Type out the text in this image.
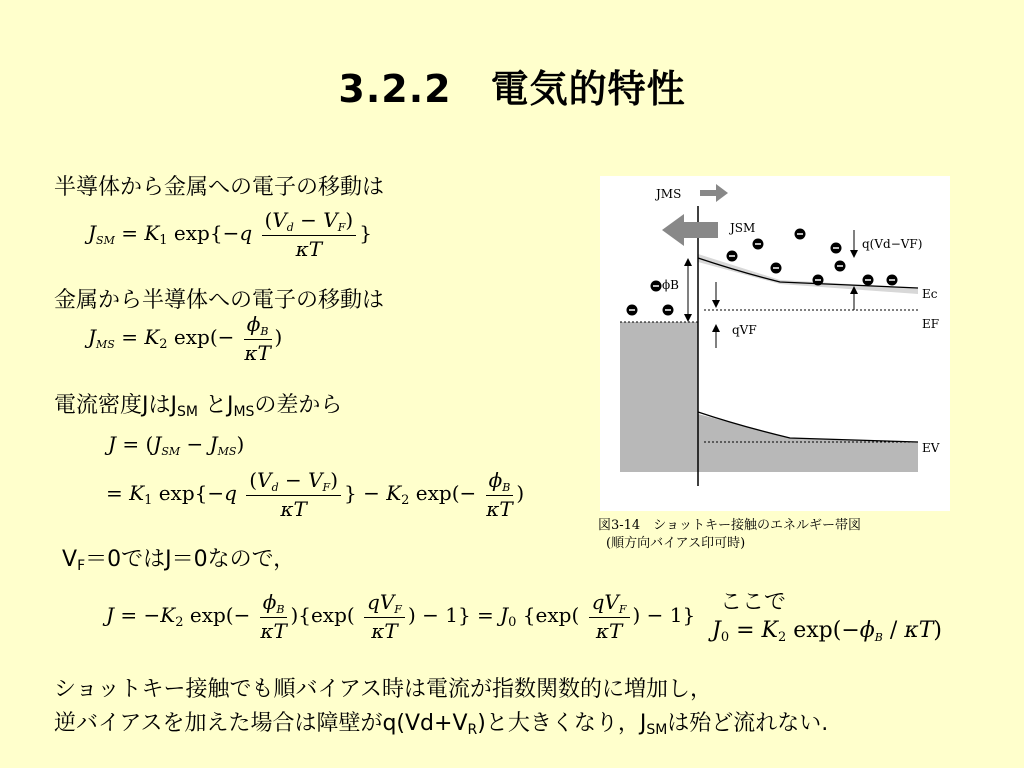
3.2.2　電気的特性
半導体から金属への電子の移動は
$J_{SM} = K_1$ $\exp\{-q \frac{(V_d - V_F)}{\kappa T}$ }
金属から半導体への電子の移動は
$J_{MS} = K_2$ $\exp(- \frac{\phi_B}{\kappa T}$ )
電流密度Jは$J_{SM}$ と$J_{MS}$の差から
$J = (J_{SM} - J_{MS})$
= $K_1$ $\exp\{-q \frac{(V_d - V_F)}{\kappa T}$ } − $K_2$ $\exp(- \frac{\phi_B}{\kappa T}$ )
$V_F=0$ではJ＝0なので，
$J = -K_2$ $\exp(- \frac{\phi_B}{\kappa T} )\{\exp( \frac{qV_F}{\kappa T}$ ) − $1\} = J_0$ {$\exp( \frac{qV_F}{\kappa T}$ ) − 1} ここで
J0 = K2 $\exp(-\phi_B / \kappa T)$
ショットキー接触でも順バイアス時は電流が指数関数的に増加し，
逆バイアスを加えた場合は障壁が$q(Vd+V_R)$と大きくなり，$J_{SM}$は殆ど流れない.
JMS
JSM
ϕB
q(Vd−VF)
qVF
Ec
EF
EV
図3-14　ショットキー接触のエネルギー帯図
(順方向バイアス印可時)
